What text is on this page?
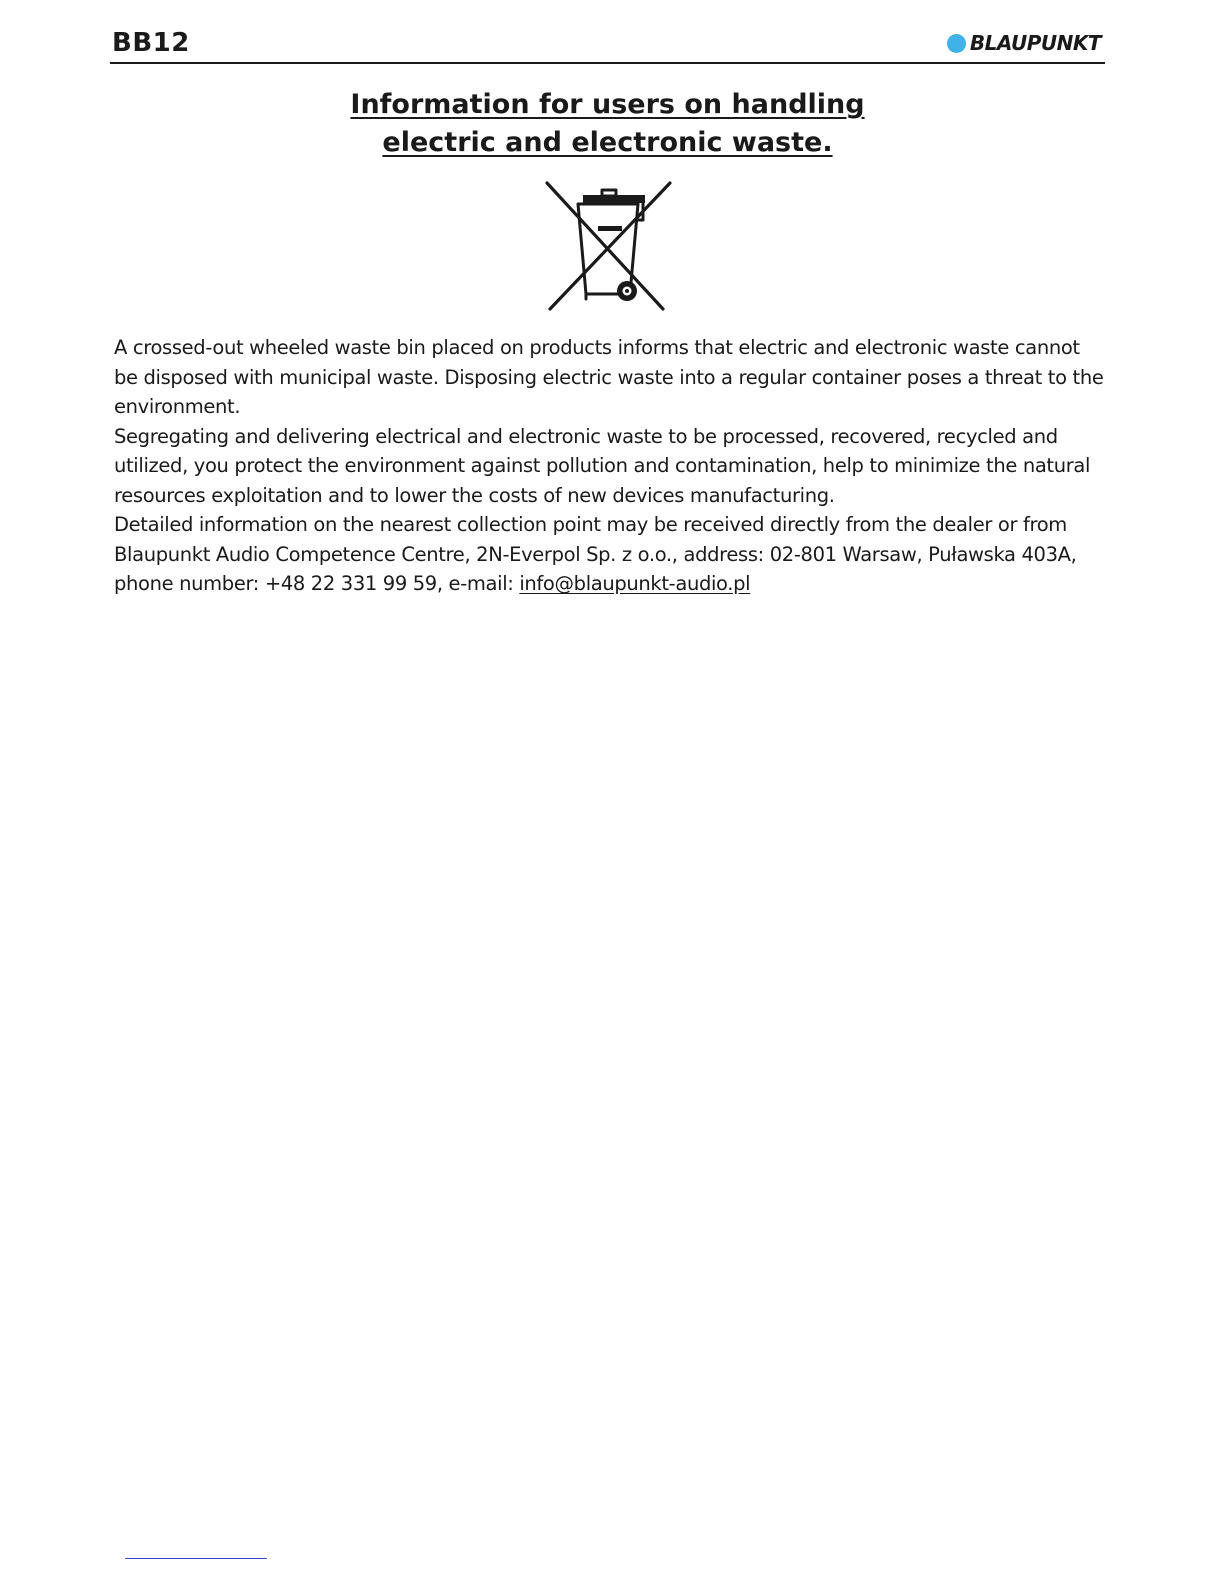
BB12	BLAUPUNKT
Information for users on handling
electric and electronic waste.

A crossed-out wheeled waste bin placed on products informs that electric and electronic waste cannot be disposed with municipal waste. Disposing electric waste into a regular container poses a threat to the environment.

Segregating and delivering electrical and electronic waste to be processed, recovered, recycled and utilized, you protect the environment against pollution and contamination, help to minimize the natural resources exploitation and to lower the costs of new devices manufacturing.

Detailed information on the nearest collection point may be received directly from the dealer or from Blaupunkt Audio Competence Centre, 2N-Everpol Sp. z o.o., address: 02-801 Warsaw, Puławska 403A, phone number: +48 22 331 99 59, e-mail: info@blaupunkt-audio.pl
